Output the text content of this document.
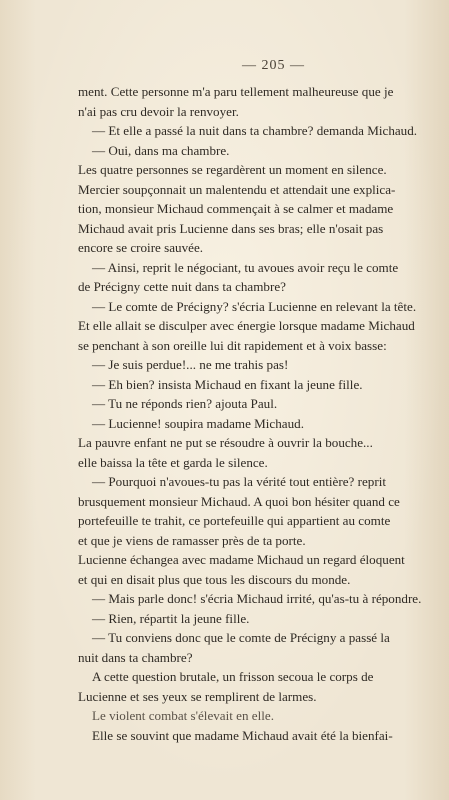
— 205 —
ment. Cette personne m'a paru tellement malheureuse que je
n'ai pas cru devoir la renvoyer.
— Et elle a passé la nuit dans ta chambre? demanda Michaud.
— Oui, dans ma chambre.
Les quatre personnes se regardèrent un moment en silence.
Mercier soupçonnait un malentendu et attendait une explica-
tion, monsieur Michaud commençait à se calmer et madame
Michaud avait pris Lucienne dans ses bras; elle n'osait pas
encore se croire sauvée.
— Ainsi, reprit le négociant, tu avoues avoir reçu le comte
de Précigny cette nuit dans ta chambre?
— Le comte de Précigny? s'écria Lucienne en relevant la tête.
Et elle allait se disculper avec énergie lorsque madame Michaud
se penchant à son oreille lui dit rapidement et à voix basse:
— Je suis perdue!... ne me trahis pas!
— Eh bien? insista Michaud en fixant la jeune fille.
— Tu ne réponds rien? ajouta Paul.
— Lucienne! soupira madame Michaud.
La pauvre enfant ne put se résoudre à ouvrir la bouche...
elle baissa la tête et garda le silence.
— Pourquoi n'avoues-tu pas la vérité tout entière? reprit
brusquement monsieur Michaud. A quoi bon hésiter quand ce
portefeuille te trahit, ce portefeuille qui appartient au comte
et que je viens de ramasser près de ta porte.
Lucienne échangea avec madame Michaud un regard éloquent
et qui en disait plus que tous les discours du monde.
— Mais parle donc! s'écria Michaud irrité, qu'as-tu à répondre.
— Rien, répartit la jeune fille.
— Tu conviens donc que le comte de Précigny a passé la
nuit dans ta chambre?
A cette question brutale, un frisson secoua le corps de
Lucienne et ses yeux se remplirent de larmes.
Le violent combat s'élevait en elle.
Elle se souvint que madame Michaud avait été la bienfai-
